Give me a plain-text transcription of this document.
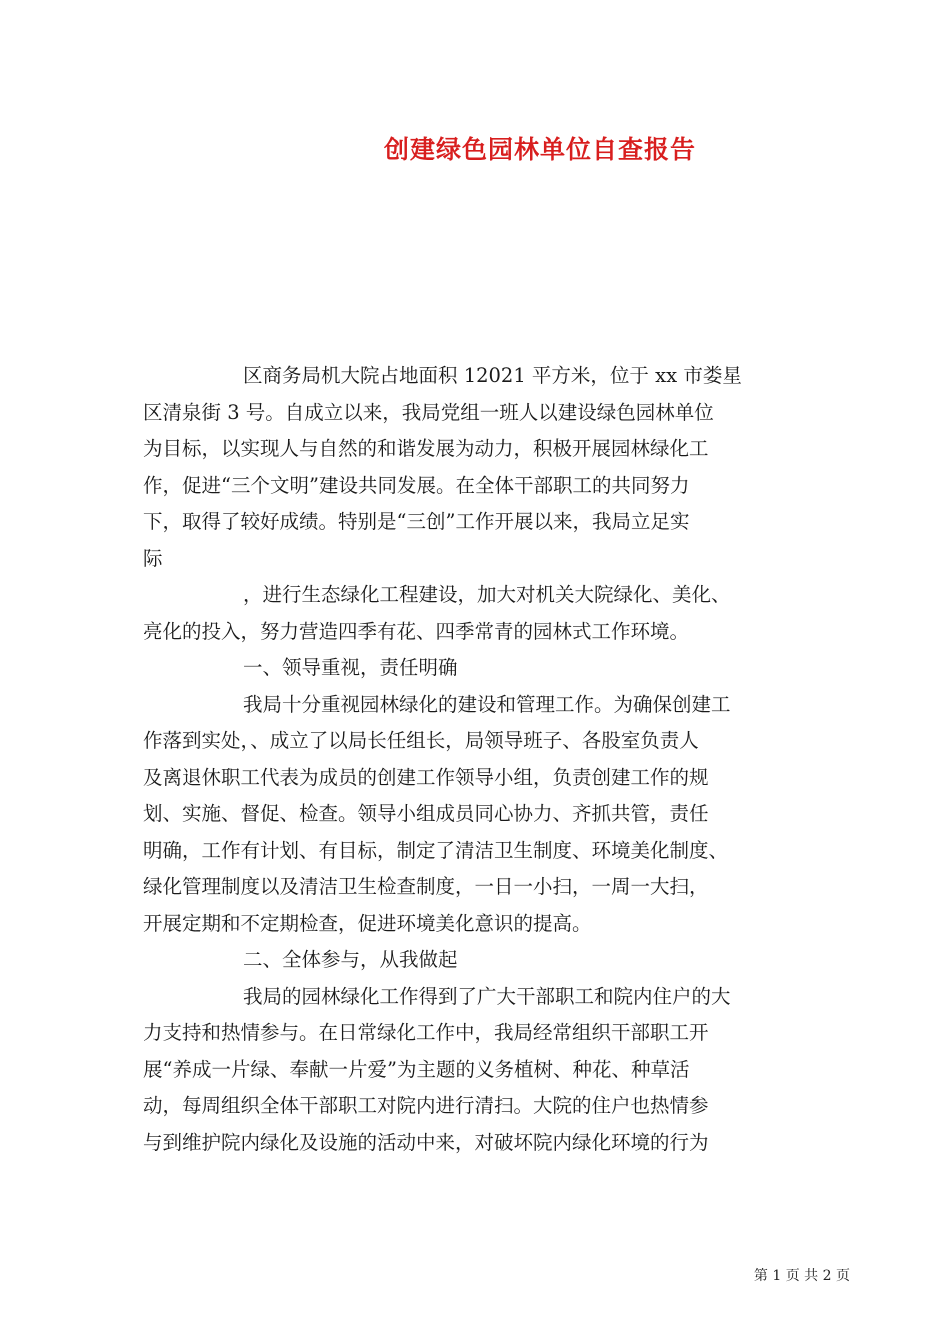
创建绿色园林单位自查报告
区商务局机大院占地面积 12021 平方米，位于 xx 市娄星
区清泉街 3 号。自成立以来，我局党组一班人以建设绿色园林单位
为目标，以实现人与自然的和谐发展为动力，积极开展园林绿化工
作，促进“三个文明”建设共同发展。在全体干部职工的共同努力
下，取得了较好成绩。特别是“三创”工作开展以来，我局立足实
际
，进行生态绿化工程建设，加大对机关大院绿化、美化、
亮化的投入，努力营造四季有花、四季常青的园林式工作环境。
一、领导重视，责任明确
我局十分重视园林绿化的建设和管理工作。为确保创建工
作落到实处，、成立了以局长任组长，局领导班子、各股室负责人
及离退休职工代表为成员的创建工作领导小组，负责创建工作的规
划、实施、督促、检查。领导小组成员同心协力、齐抓共管，责任
明确，工作有计划、有目标，制定了清洁卫生制度、环境美化制度、
绿化管理制度以及清洁卫生检查制度，一日一小扫，一周一大扫，
开展定期和不定期检查，促进环境美化意识的提高。
二、全体参与，从我做起
我局的园林绿化工作得到了广大干部职工和院内住户的大
力支持和热情参与。在日常绿化工作中，我局经常组织干部职工开
展“养成一片绿、奉献一片爱”为主题的义务植树、种花、种草活
动，每周组织全体干部职工对院内进行清扫。大院的住户也热情参
与到维护院内绿化及设施的活动中来，对破坏院内绿化环境的行为
第 1 页 共 2 页
